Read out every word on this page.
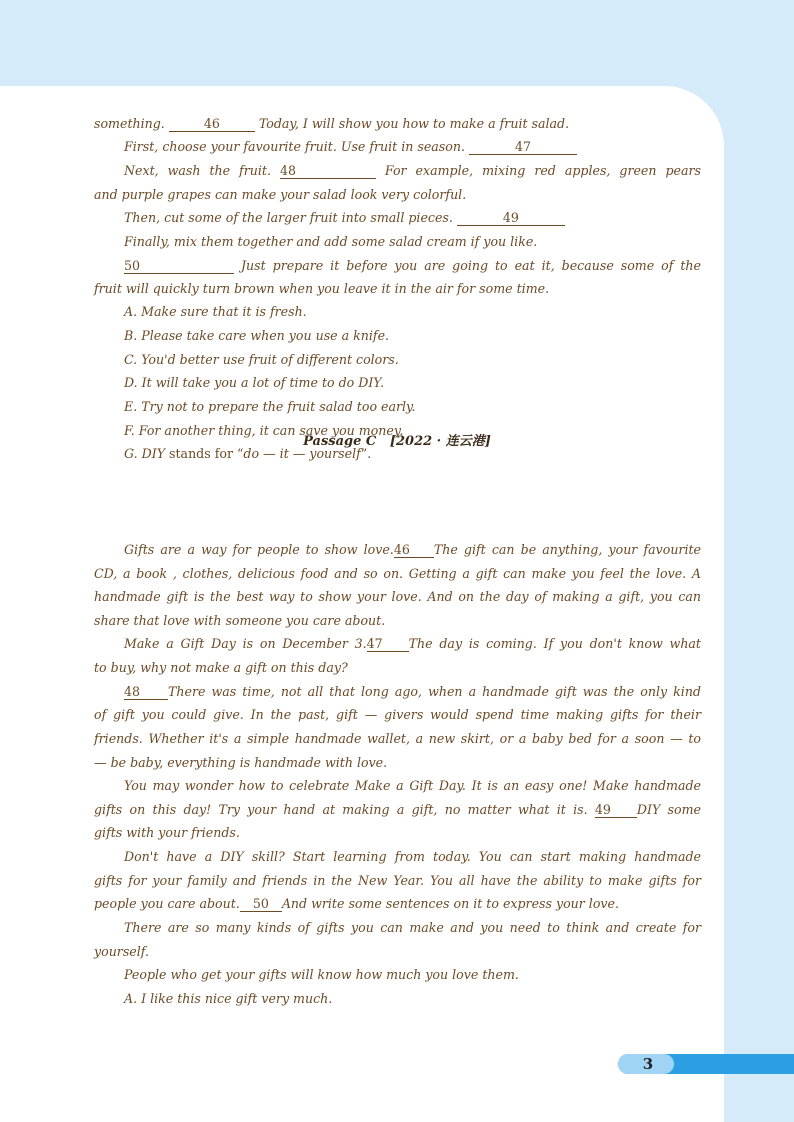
something.	46	Today, I will show you how to make a fruit salad.
First, choose your favourite fruit. Use fruit in season.	47
Next, wash the fruit. 48	For example, mixing red apples, green pears
and purple grapes can make your salad look very colorful.
Then, cut some of the larger fruit into small pieces.	49
Finally, mix them together and add some salad cream if you like.
50	Just prepare it before you are going to eat it, because some of the
fruit will quickly turn brown when you leave it in the air for some time.
A. Make sure that it is fresh.
B. Please take care when you use a knife.
C. You'd better use fruit of different colors.
D. It will take you a lot of time to do DIY.
E. Try not to prepare the fruit salad too early.
F. For another thing, it can save you money.
G. DIY stands for “do — it — yourself”.
Passage C [2022 · 连云港]
Gifts are a way for people to show love.46 The gift can be anything, your favourite
CD, a book , clothes, delicious food and so on. Getting a gift can make you feel the love. A
handmade gift is the best way to show your love. And on the day of making a gift, you can
share that love with someone you care about.
Make a Gift Day is on December 3.47 The day is coming. If you don't know what
to buy, why not make a gift on this day?
48 There was time, not all that long ago, when a handmade gift was the only kind
of gift you could give. In the past, gift — givers would spend time making gifts for their
friends. Whether it's a simple handmade wallet, a new skirt, or a baby bed for a soon — to
— be baby, everything is handmade with love.
You may wonder how to celebrate Make a Gift Day. It is an easy one! Make handmade
gifts on this day! Try your hand at making a gift, no matter what it is. 49 DIY some
gifts with your friends.
Don't have a DIY skill? Start learning from today. You can start making handmade
gifts for your family and friends in the New Year. You all have the ability to make gifts for
people you care about. 50 And write some sentences on it to express your love.
There are so many kinds of gifts you can make and you need to think and create for
yourself.
People who get your gifts will know how much you love them.
A. I like this nice gift very much.
3
